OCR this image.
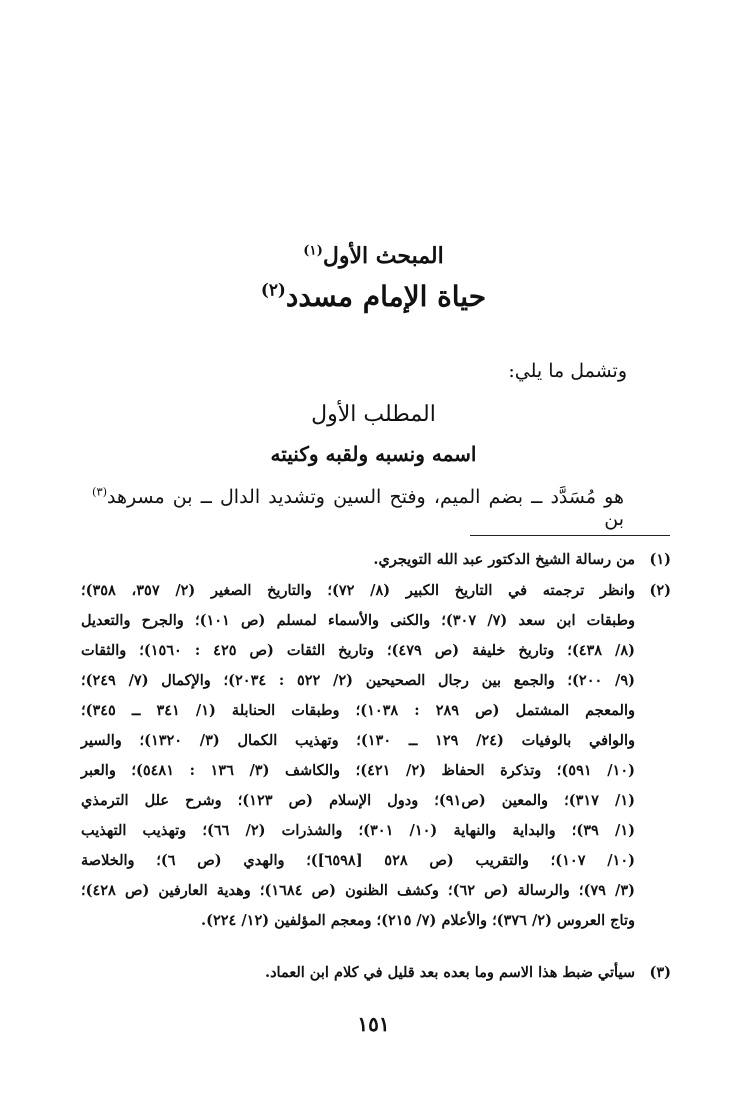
المبحث الأول$^{(١)}$
حياة الإمام مسدد$^{(٢)}$
وتشمل ما يلي:
المطلب الأول
اسمه ونسبه ولقبه وكنيته
هو مُسَدَّد ــ بضم الميم، وفتح السين وتشديد الدال ــ بن مسرهد$^{(٣)}$ بن
(١)
من رسالة الشيخ الدكتور عبد الله التويجري.
(٢)
وانظر ترجمته في التاريخ الكبير (٨/ ٧٢)؛ والتاريخ الصغير (٢/ ٣٥٧، ٣٥٨)؛
وطبقات ابن سعد (٧/ ٣٠٧)؛ والكنى والأسماء لمسلم (ص ١٠١)؛ والجرح والتعديل
(٨/ ٤٣٨)؛ وتاريخ خليفة (ص ٤٧٩)؛ وتاريخ الثقات (ص ٤٢٥ : ١٥٦٠)؛ والثقات
(٩/ ٢٠٠)؛ والجمع بين رجال الصحيحين (٢/ ٥٢٢ : ٢٠٣٤)؛ والإكمال (٧/ ٢٤٩)؛
والمعجم المشتمل (ص ٢٨٩ : ١٠٣٨)؛ وطبقات الحنابلة (١/ ٣٤١ ــ ٣٤٥)؛
والوافي بالوفيات (٢٤/ ١٢٩ ــ ١٣٠)؛ وتهذيب الكمال (٣/ ١٣٢٠)؛ والسير
(١٠/ ٥٩١)؛ وتذكرة الحفاظ (٢/ ٤٢١)؛ والكاشف (٣/ ١٣٦ : ٥٤٨١)؛ والعبر
(١/ ٣١٧)؛ والمعين (ص٩١)؛ ودول الإسلام (ص ١٢٣)؛ وشرح علل الترمذي
(١/ ٣٩)؛ والبداية والنهاية (١٠/ ٣٠١)؛ والشذرات (٢/ ٦٦)؛ وتهذيب التهذيب
(١٠/ ١٠٧)؛ والتقريب (ص ٥٢٨ [٦٥٩٨])؛ والهدي (ص ٦)؛ والخلاصة
(٣/ ٧٩)؛ والرسالة (ص ٦٢)؛ وكشف الظنون (ص ١٦٨٤)؛ وهدية العارفين (ص ٤٢٨)؛
وتاج العروس (٢/ ٣٧٦)؛ والأعلام (٧/ ٢١٥)؛ ومعجم المؤلفين (١٢/ ٢٢٤).
(٣)
سيأتي ضبط هذا الاسم وما بعده بعد قليل في كلام ابن العماد.
١٥١
